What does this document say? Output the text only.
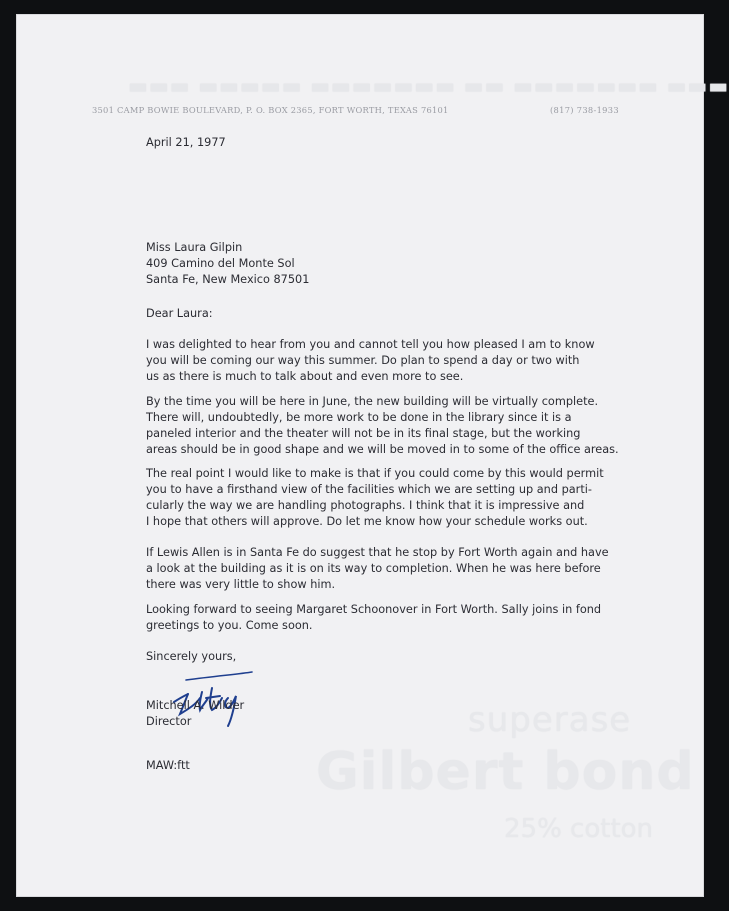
▬▬▬ ▬▬▬▬▬ ▬▬▬▬▬▬▬ ▬▬ ▬▬▬▬▬▬▬ ▬▬▬
3501 CAMP BOWIE BOULEVARD, P. O. BOX 2365, FORT WORTH, TEXAS 76101	(817) 738-1933
April 21, 1977
Miss Laura Gilpin
409 Camino del Monte Sol
Santa Fe, New Mexico 87501
Dear Laura:
I was delighted to hear from you and cannot tell you how pleased I am to know
you will be coming our way this summer. Do plan to spend a day or two with
us as there is much to talk about and even more to see.
By the time you will be here in June, the new building will be virtually complete.
There will, undoubtedly, be more work to be done in the library since it is a
paneled interior and the theater will not be in its final stage, but the working
areas should be in good shape and we will be moved in to some of the office areas.
The real point I would like to make is that if you could come by this would permit
you to have a firsthand view of the facilities which we are setting up and parti-
cularly the way we are handling photographs. I think that it is impressive and
I hope that others will approve. Do let me know how your schedule works out.
If Lewis Allen is in Santa Fe do suggest that he stop by Fort Worth again and have
a look at the building as it is on its way to completion. When he was here before
there was very little to show him.
Looking forward to seeing Margaret Schoonover in Fort Worth. Sally joins in fond
greetings to you. Come soon.
Sincerely yours,
superase
Gilbert bond
25% cotton
Mitchell A. Wilder
Director
MAW:ftt
